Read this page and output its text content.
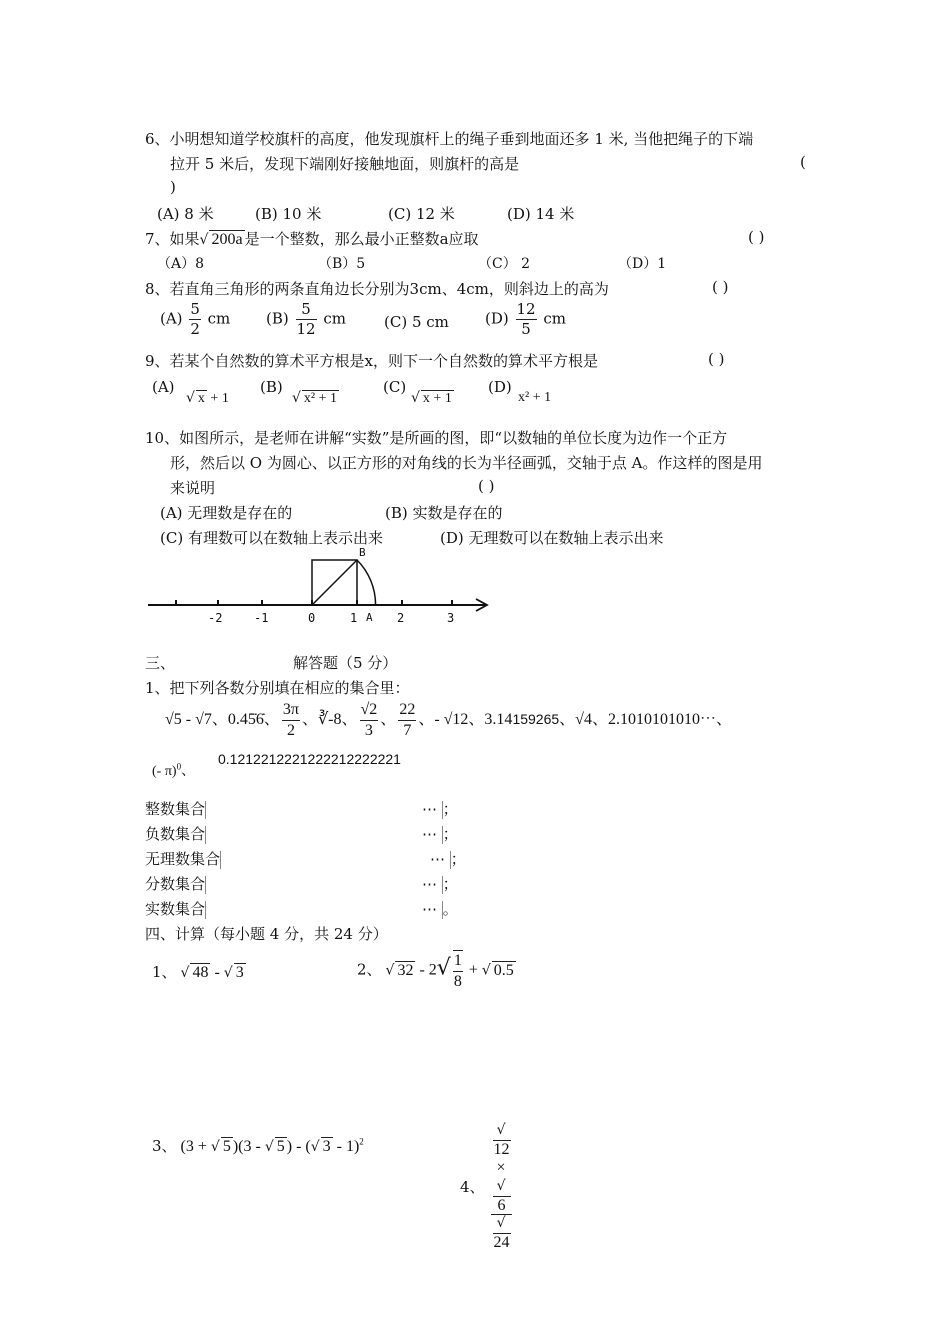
6、小明想知道学校旗杆的高度，他发现旗杆上的绳子垂到地面还多 1 米, 当他把绳子的下端
拉开 5 米后，发现下端刚好接触地面，则旗杆的高是	(
)
(A) 8 米	(B) 10 米	(C) 12 米	(D) 14 米
7、如果√ 200a 是一个整数，那么最小正整数a应取	( )
（A）8	（B）5	（C） 2	（D）1
8、若直角三角形的两条直角边长分别为3cm、4cm，则斜边上的高为	( )
$(A) \frac{5}{2}$ cm $(B) \frac{5}{12}$ cm	(C) 5 cm $(D) \frac{12}{5}$ cm
9、若某个自然数的算术平方根是x，则下一个自然数的算术平方根是	( )
(A)
√ x + 1
(B)
√ x² + 1
(C)
√ x + 1
(D)
x² + 1
10、如图所示，是老师在讲解“实数”是所画的图，即“以数轴的单位长度为边作一个正方
形，然后以 O 为圆心、以正方形的对角线的长为半径画弧，交轴于点 A。作这样的图是用
来说明	( )
(A) 无理数是存在的	(B) 实数是存在的
(C) 有理数可以在数轴上表示出来	(D) 无理数可以在数轴上表示出来
-2	-1	0	1	2	3
A
B
三、	解答题（5 分）
1、把下列各数分别填在相应的集合里：
√5 - √7、0.45̇6̇、 $\frac{3\pi}{2}$ 、∛-8、 $\frac{√2}{3}$ 、 $\frac{22}{7}$ 、- √12、3.14159265、√4、2.1010101010⋯、
(- π)$^0$、
0.1212212221222212222221
整数集合	⋯ ；
负数集合	⋯ ；
无理数集合	⋯ ；
分数集合	⋯ ；
实数集合	⋯ 。
四、计算（每小题 4 分，共 24 分）
1、 √ 48 - √ 3	2、 √ $32 - 2√ \frac{1}{8}$ + √ 0.5
3、 (3 + √ 5 )(3 - √ 5 ) - (√ 3 - 1)$^2$
4、 √
12
×
√
6
√
24
